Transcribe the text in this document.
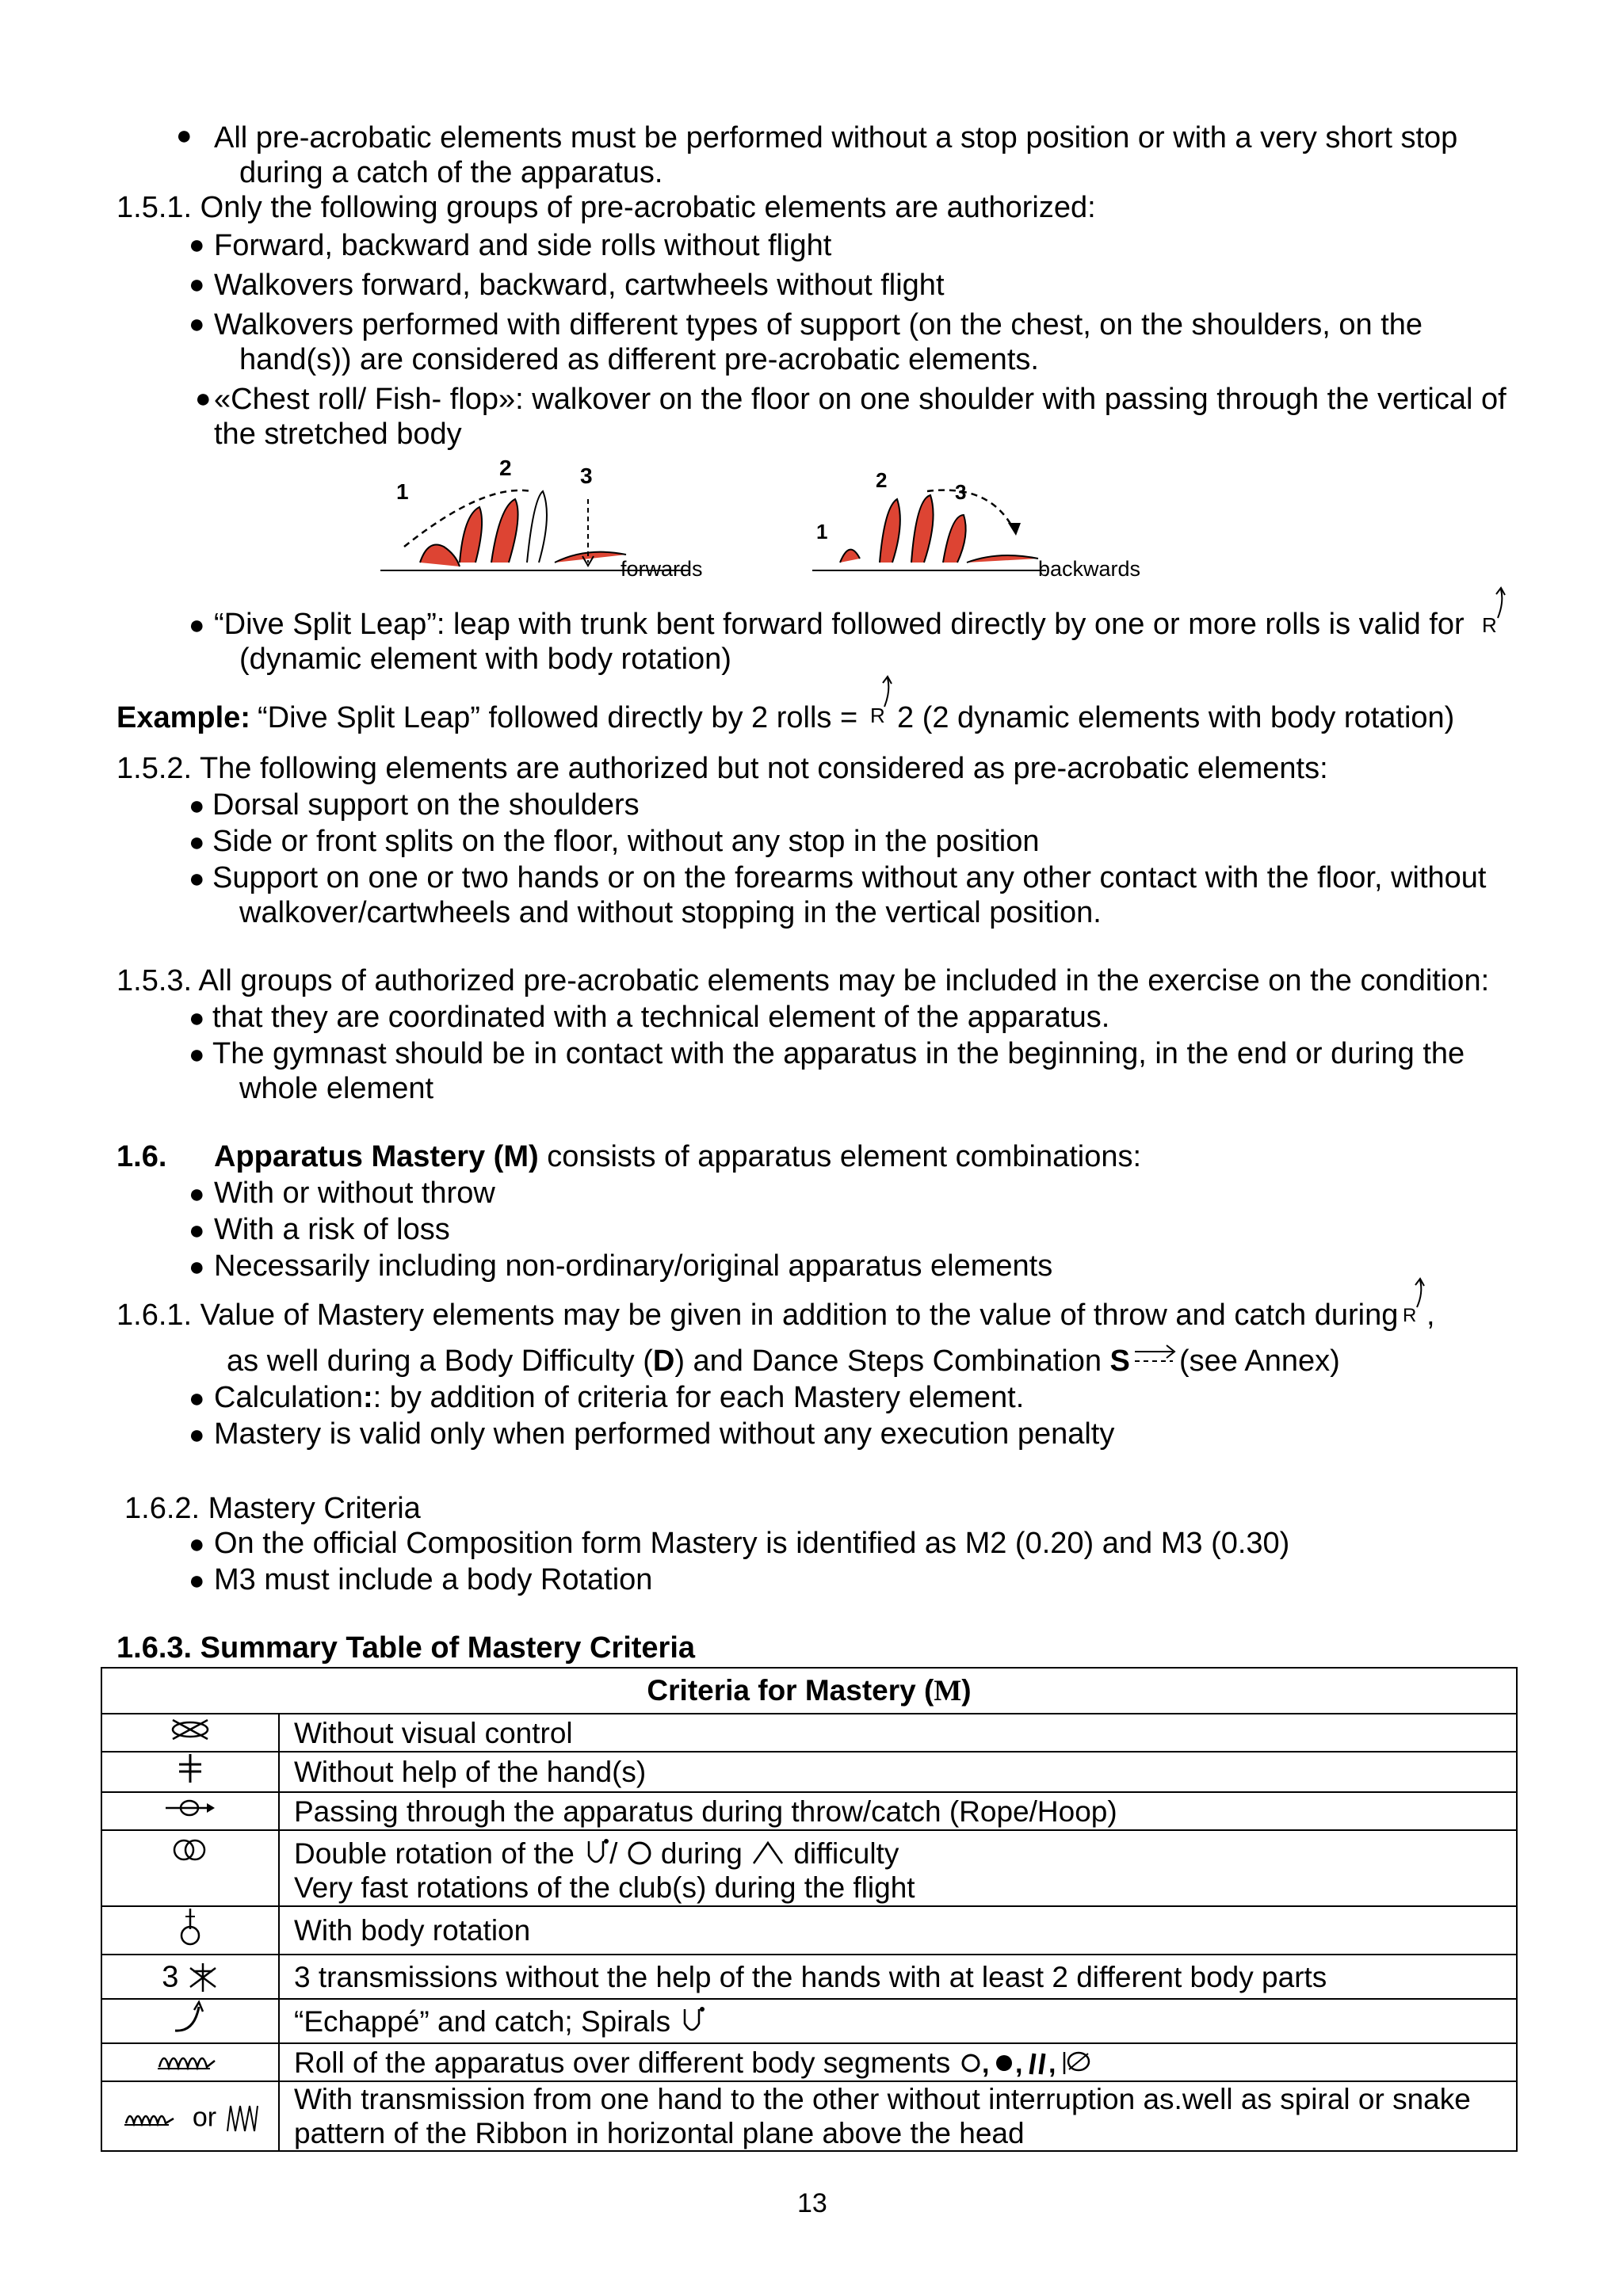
● All pre-acrobatic elements must be performed without a stop position or with a very short stop
during a catch of the apparatus.
1.5.1. Only the following groups of pre-acrobatic elements are authorized:
● Forward, backward and side rolls without flight
● Walkovers forward, backward, cartwheels without flight
● Walkovers performed with different types of support (on the chest, on the shoulders, on the
hand(s)) are considered as different pre-acrobatic elements.
● «Chest roll/ Fish- flop»: walkover on the floor on one shoulder with passing through the vertical of
the stretched body
1
2	3
forwards
1
2	3
backwards
● “Dive Split Leap”: leap with trunk bent forward followed directly by one or more rolls is valid for R
(dynamic element with body rotation)
Example: “Dive Split Leap” followed directly by 2 rolls = R 2 (2 dynamic elements with body rotation)
1.5.2. The following elements are authorized but not considered as pre-acrobatic elements:
● Dorsal support on the shoulders
● Side or front splits on the floor, without any stop in the position
● Support on one or two hands or on the forearms without any other contact with the floor, without
walkover/cartwheels and without stopping in the vertical position.
1.5.3. All groups of authorized pre-acrobatic elements may be included in the exercise on the condition:
● that they are coordinated with a technical element of the apparatus.
● The gymnast should be in contact with the apparatus in the beginning, in the end or during the
whole element
1.6. Apparatus Mastery (M) consists of apparatus element combinations:
● With or without throw
● With a risk of loss
● Necessarily including non-ordinary/original apparatus elements
1.6.1. Value of Mastery elements may be given in addition to the value of throw and catch during R ,
as well during a Body Difficulty (D) and Dance Steps Combination S (see Annex)
● Calculation:: by addition of criteria for each Mastery element.
● Mastery is valid only when performed without any execution penalty
1.6.2. Mastery Criteria
● On the official Composition form Mastery is identified as M2 (0.20) and M3 (0.30)
● M3 must include a body Rotation
1.6.3. Summary Table of Mastery Criteria
Criteria for Mastery (M)	
	Without visual control
	Without help of the hand(s)
	Passing through the apparatus during throw/catch (Rope/Hoop)

Double rotation of the / during difficulty
Very fast rotations of the club(s) during the flight

	With body rotation
3	3 transmissions without the help of the hands with at least 2 different body parts
	“Echappé” and catch; Spirals
	Roll of the apparatus over different body segments , , ,

or	With transmission from one hand to the other without interruption as.well as spiral or snake
pattern of the Ribbon in horizontal plane above the head
13
